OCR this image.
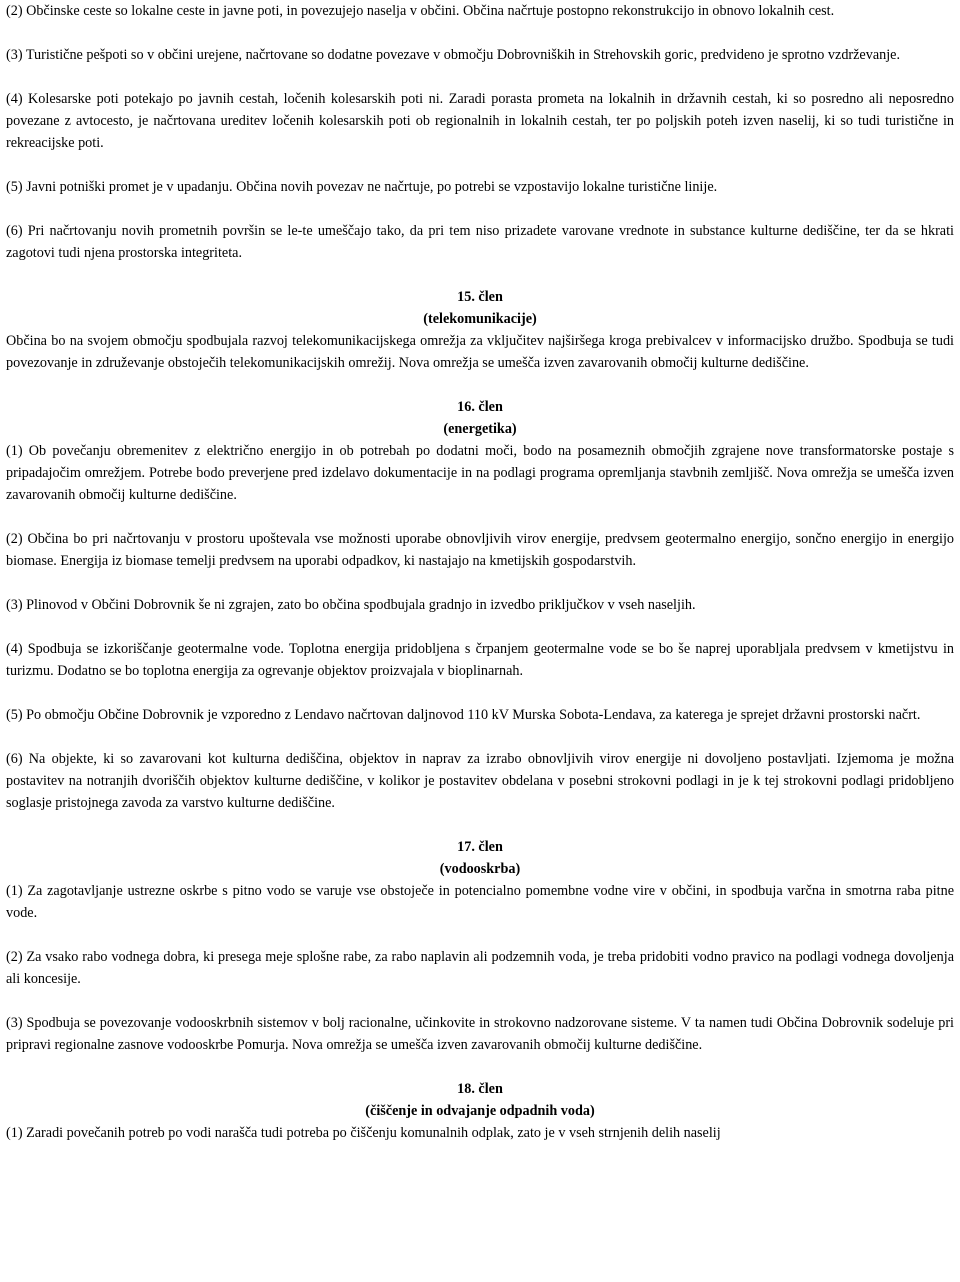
(2) Občinske ceste so lokalne ceste in javne poti, in povezujejo naselja v občini. Občina načrtuje postopno rekonstrukcijo in obnovo lokalnih cest.

(3) Turistične pešpoti so v občini urejene, načrtovane so dodatne povezave v območju Dobrovniških in Strehovskih goric, predvideno je sprotno vzdrževanje.

(4) Kolesarske poti potekajo po javnih cestah, ločenih kolesarskih poti ni. Zaradi porasta prometa na lokalnih in državnih cestah, ki so posredno ali neposredno povezane z avtocesto, je načrtovana ureditev ločenih kolesarskih poti ob regionalnih in lokalnih cestah, ter po poljskih poteh izven naselij, ki so tudi turistične in rekreacijske poti.

(5) Javni potniški promet je v upadanju. Občina novih povezav ne načrtuje, po potrebi se vzpostavijo lokalne turistične linije.

(6) Pri načrtovanju novih prometnih površin se le-te umeščajo tako, da pri tem niso prizadete varovane vrednote in substance kulturne dediščine, ter da se hkrati zagotovi tudi njena prostorska integriteta.

15. člen
(telekomunikacije)

Občina bo na svojem območju spodbujala razvoj telekomunikacijskega omrežja za vključitev najširšega kroga prebivalcev v informacijsko družbo. Spodbuja se tudi povezovanje in združevanje obstoječih telekomunikacijskih omrežij. Nova omrežja se umešča izven zavarovanih območij kulturne dediščine.

16. člen
(energetika)

(1) Ob povečanju obremenitev z električno energijo in ob potrebah po dodatni moči, bodo na posameznih območjih zgrajene nove transformatorske postaje s pripadajočim omrežjem. Potrebe bodo preverjene pred izdelavo dokumentacije in na podlagi programa opremljanja stavbnih zemljišč. Nova omrežja se umešča izven zavarovanih območij kulturne dediščine.

(2) Občina bo pri načrtovanju v prostoru upoštevala vse možnosti uporabe obnovljivih virov energije, predvsem geotermalno energijo, sončno energijo in energijo biomase. Energija iz biomase temelji predvsem na uporabi odpadkov, ki nastajajo na kmetijskih gospodarstvih.

(3) Plinovod v Občini Dobrovnik še ni zgrajen, zato bo občina spodbujala gradnjo in izvedbo priključkov v vseh naseljih.

(4) Spodbuja se izkoriščanje geotermalne vode. Toplotna energija pridobljena s črpanjem geotermalne vode se bo še naprej uporabljala predvsem v kmetijstvu in turizmu. Dodatno se bo toplotna energija za ogrevanje objektov proizvajala v bioplinarnah.

(5) Po območju Občine Dobrovnik je vzporedno z Lendavo načrtovan daljnovod 110 kV Murska Sobota-Lendava, za katerega je sprejet državni prostorski načrt.

(6) Na objekte, ki so zavarovani kot kulturna dediščina, objektov in naprav za izrabo obnovljivih virov energije ni dovoljeno postavljati. Izjemoma je možna postavitev na notranjih dvoriščih objektov kulturne dediščine, v kolikor je postavitev obdelana v posebni strokovni podlagi in je k tej strokovni podlagi pridobljeno soglasje pristojnega zavoda za varstvo kulturne dediščine.

17. člen
(vodooskrba)

(1) Za zagotavljanje ustrezne oskrbe s pitno vodo se varuje vse obstoječe in potencialno pomembne vodne vire v občini, in spodbuja varčna in smotrna raba pitne vode.

(2) Za vsako rabo vodnega dobra, ki presega meje splošne rabe, za rabo naplavin ali podzemnih voda, je treba pridobiti vodno pravico na podlagi vodnega dovoljenja ali koncesije.

(3) Spodbuja se povezovanje vodooskrbnih sistemov v bolj racionalne, učinkovite in strokovno nadzorovane sisteme. V ta namen tudi Občina Dobrovnik sodeluje pri pripravi regionalne zasnove vodooskrbe Pomurja. Nova omrežja se umešča izven zavarovanih območij kulturne dediščine.

18. člen
(čiščenje in odvajanje odpadnih voda)

(1) Zaradi povečanih potreb po vodi narašča tudi potreba po čiščenju komunalnih odplak, zato je v vseh strnjenih delih naselij
